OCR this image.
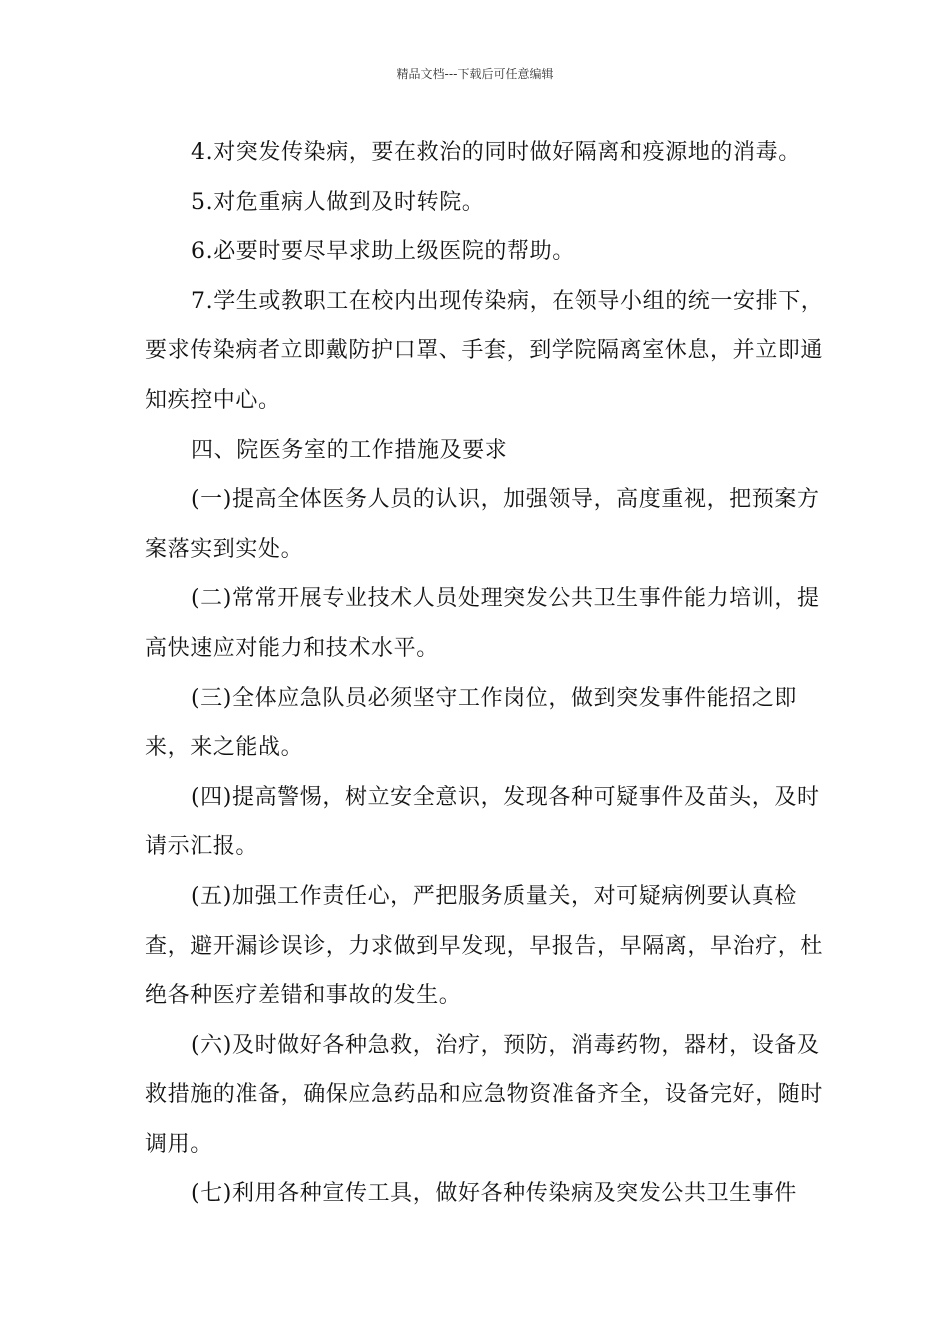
精品文档---下载后可任意编辑

4.对突发传染病，要在救治的同时做好隔离和疫源地的消毒。

5.对危重病人做到及时转院。

6.必要时要尽早求助上级医院的帮助。

7.学生或教职工在校内出现传染病，在领导小组的统一安排下，要求传染病者立即戴防护口罩、手套，到学院隔离室休息，并立即通知疾控中心。

四、院医务室的工作措施及要求

(一)提高全体医务人员的认识，加强领导，高度重视，把预案方案落实到实处。

(二)常常开展专业技术人员处理突发公共卫生事件能力培训，提高快速应对能力和技术水平。

(三)全体应急队员必须坚守工作岗位，做到突发事件能招之即来，来之能战。

(四)提高警惕，树立安全意识，发现各种可疑事件及苗头，及时请示汇报。

(五)加强工作责任心，严把服务质量关，对可疑病例要认真检查，避开漏诊误诊，力求做到早发现，早报告，早隔离，早治疗，杜绝各种医疗差错和事故的发生。

(六)及时做好各种急救，治疗，预防，消毒药物，器材，设备及救措施的准备，确保应急药品和应急物资准备齐全，设备完好，随时调用。

(七)利用各种宣传工具，做好各种传染病及突发公共卫生事件
